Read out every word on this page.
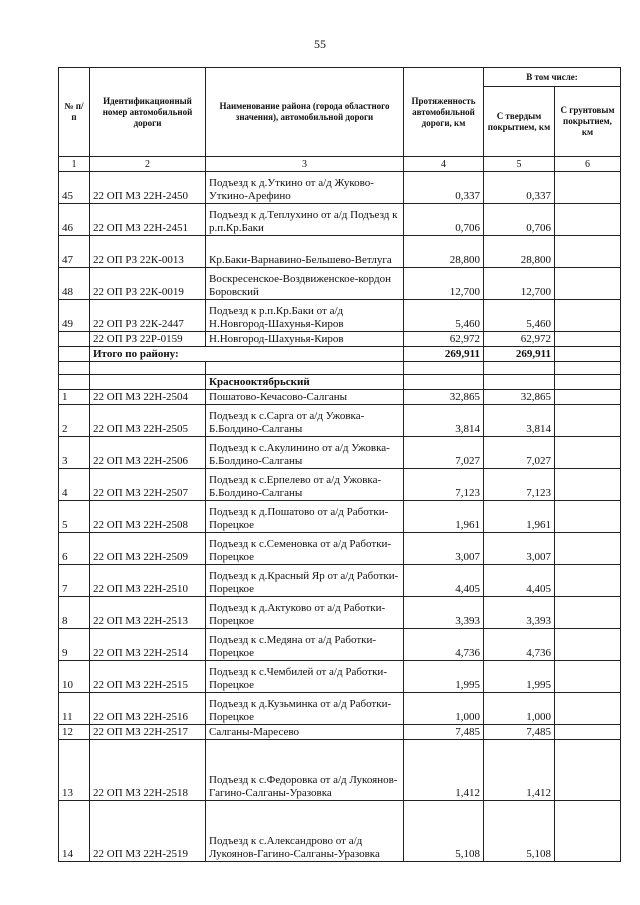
55
№ п/п	Идентификационный номер автомобильной дороги	Наименование района (города областного значения), автомобильной дороги	Протяженность автомобильной дороги, км	В том числе:	
				С твердым покрытием, км	С грунтовым покрытием, км
1	2	3	4	5	6
45	22 ОП МЗ 22Н-2450	Подъезд к д.Уткино от а/д Жуково-Уткино-Арефино	0,337	0,337	
46	22 ОП МЗ 22Н-2451	Подъезд к д.Теплухино от а/д Подъезд к р.п.Кр.Баки	0,706	0,706	
47	22 ОП РЗ 22К-0013	Кр.Баки-Варнавино-Бельшево-Ветлуга	28,800	28,800	
48	22 ОП РЗ 22К-0019	Воскресенское-Воздвиженское-кордон Боровский	12,700	12,700	
49	22 ОП РЗ 22К-2447	Подъезд к р.п.Кр.Баки от а/д Н.Новгород-Шахунья-Киров	5,460	5,460	
	22 ОП РЗ 22Р-0159	Н.Новгород-Шахунья-Киров	62,972	62,972	
	Итого по району:		269,911	269,911	

		Краснооктябрьский			
1	22 ОП МЗ 22Н-2504	Пошатово-Кечасово-Салганы	32,865	32,865	
2	22 ОП МЗ 22Н-2505	Подъезд к с.Сарга от а/д Ужовка-Б.Болдино-Салганы	3,814	3,814	
3	22 ОП МЗ 22Н-2506	Подъезд к с.Акулинино от а/д Ужовка-Б.Болдино-Салганы	7,027	7,027	
4	22 ОП МЗ 22Н-2507	Подъезд к с.Ерпелево от а/д Ужовка-Б.Болдино-Салганы	7,123	7,123	
5	22 ОП МЗ 22Н-2508	Подъезд к д.Пошатово от а/д Работки-Порецкое	1,961	1,961	
6	22 ОП МЗ 22Н-2509	Подъезд к с.Семеновка от а/д Работки-Порецкое	3,007	3,007	
7	22 ОП МЗ 22Н-2510	Подъезд к д.Красный Яр от а/д Работки-Порецкое	4,405	4,405	
8	22 ОП МЗ 22Н-2513	Подъезд к д.Актуково от а/д Работки-Порецкое	3,393	3,393	
9	22 ОП МЗ 22Н-2514	Подъезд к с.Медяна от а/д Работки-Порецкое	4,736	4,736	
10	22 ОП МЗ 22Н-2515	Подъезд к с.Чембилей от а/д Работки-Порецкое	1,995	1,995	
11	22 ОП МЗ 22Н-2516	Подъезд к д.Кузьминка от а/д Работки-Порецкое	1,000	1,000	
12	22 ОП МЗ 22Н-2517	Салганы-Маресево	7,485	7,485	
13	22 ОП МЗ 22Н-2518	Подъезд к с.Федоровка от а/д Лукоянов-Гагино-Салганы-Уразовка	1,412	1,412	
14	22 ОП МЗ 22Н-2519	Подъезд к с.Александрово от а/д Лукоянов-Гагино-Салганы-Уразовка	5,108	5,108	
